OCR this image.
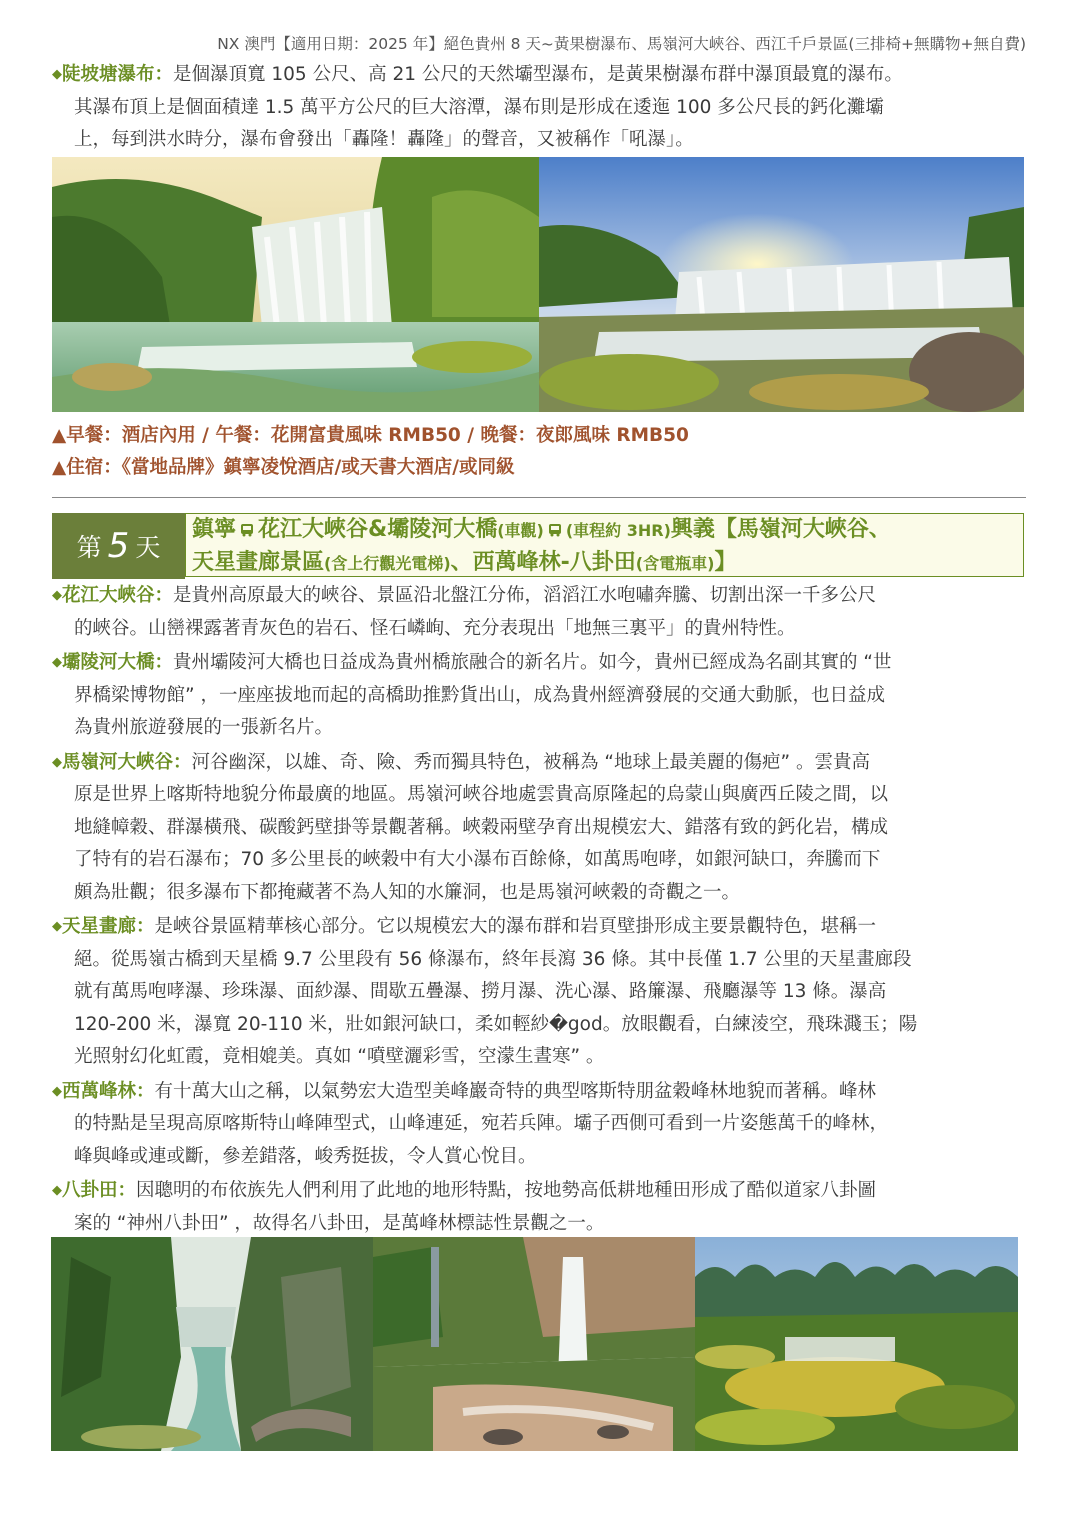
NX 澳門【適用日期：2025 年】絕色貴州 8 天~黃果樹瀑布、馬嶺河大峽谷、西江千戶景區(三排椅+無購物+無自費)
◆陡坡塘瀑布：是個瀑頂寬 105 公尺、高 21 公尺的天然壩型瀑布，是黃果樹瀑布群中瀑頂最寬的瀑布。
其瀑布頂上是個面積達 1.5 萬平方公尺的巨大溶潭，瀑布則是形成在逶迤 100 多公尺長的鈣化灘壩
上，每到洪水時分，瀑布會發出「轟隆！轟隆」的聲音，又被稱作「吼瀑」。
▲早餐：酒店內用 / 午餐：花開富貴風味 RMB50 / 晚餐：夜郎風味 RMB50
▲住宿：《當地品牌》鎮寧凌悅酒店/或天書大酒店/或同級
第 5 天
鎮寧 花江大峽谷&壩陵河大橋(車觀) (車程約 3HR)興義【馬嶺河大峽谷、
天星畫廊景區(含上行觀光電梯)、西萬峰林-八卦田(含電瓶車)】
◆花江大峽谷：是貴州高原最大的峽谷、景區沿北盤江分佈，滔滔江水咆嘯奔騰、切割出深一千多公尺
的峽谷。山巒裸露著青灰色的岩石、怪石嶙峋、充分表現出「地無三裏平」的貴州特性。
◆壩陵河大橋：貴州壩陵河大橋也日益成為貴州橋旅融合的新名片。如今，貴州已經成為名副其實的 “世
界橋梁博物館” ，一座座拔地而起的高橋助推黔貨出山，成為貴州經濟發展的交通大動脈，也日益成
為貴州旅遊發展的一張新名片。
◆馬嶺河大峽谷：河谷幽深，以雄、奇、險、秀而獨具特色，被稱為 “地球上最美麗的傷疤” 。雲貴高
原是世界上喀斯特地貌分佈最廣的地區。馬嶺河峽谷地處雲貴高原隆起的烏蒙山與廣西丘陵之間，以
地縫幛穀、群瀑橫飛、碳酸鈣壁掛等景觀著稱。峽穀兩壁孕育出規模宏大、錯落有致的鈣化岩，構成
了特有的岩石瀑布；70 多公里長的峽穀中有大小瀑布百餘條，如萬馬咆哮，如銀河缺口，奔騰而下
頗為壯觀；很多瀑布下都掩藏著不為人知的水簾洞，也是馬嶺河峽穀的奇觀之一。
◆天星畫廊：是峽谷景區精華核心部分。它以規模宏大的瀑布群和岩頁壁掛形成主要景觀特色，堪稱一
絕。從馬嶺古橋到天星橋 9.7 公里段有 56 條瀑布，終年長瀉 36 條。其中長僅 1.7 公里的天星畫廊段
就有萬馬咆哮瀑、珍珠瀑、面紗瀑、間歇五疊瀑、撈月瀑、洗心瀑、路簾瀑、飛廳瀑等 13 條。瀑高
120-200 米，瀑寬 20-110 米，壯如銀河缺口，柔如輕紗�god。放眼觀看，白練淩空，飛珠濺玉；陽
光照射幻化虹霞，竟相媲美。真如 “噴壁灑彩雪，空濛生晝寒” 。
◆西萬峰林：有十萬大山之稱，以氣勢宏大造型美峰巖奇特的典型喀斯特朋盆穀峰林地貌而著稱。峰林
的特點是呈現高原喀斯特山峰陣型式，山峰連延，宛若兵陣。壩子西側可看到一片姿態萬千的峰林，
峰與峰或連或斷，參差錯落，峻秀挺拔，令人賞心悅目。
◆八卦田：因聰明的布依族先人們利用了此地的地形特點，按地勢高低耕地種田形成了酷似道家八卦圖
案的 “神州八卦田” ，故得名八卦田，是萬峰林標誌性景觀之一。
